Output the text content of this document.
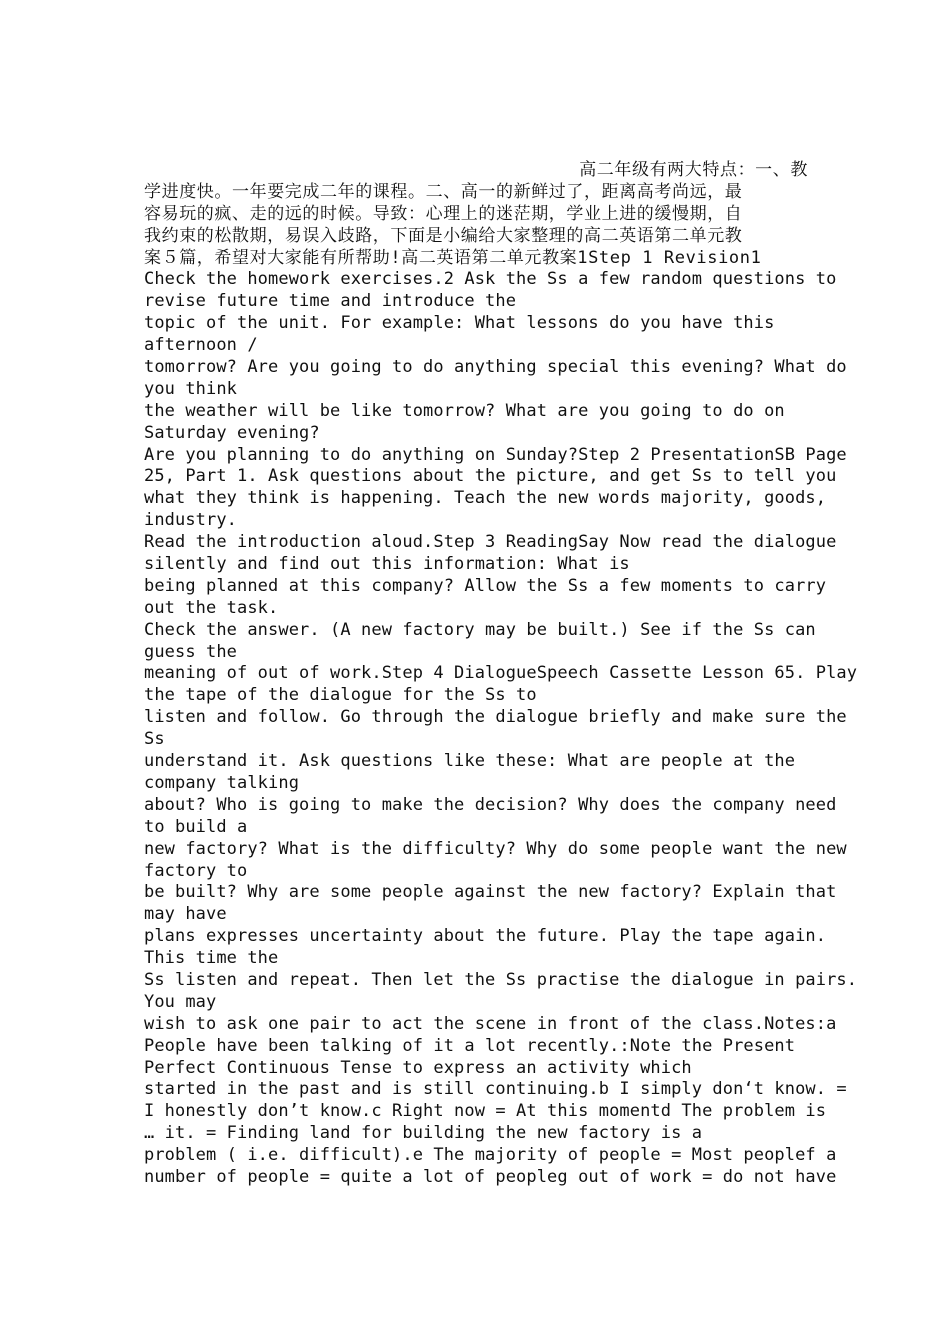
高二年级有两大特点：一、教
学进度快。一年要完成二年的课程。二、高一的新鲜过了，距离高考尚远，最
容易玩的疯、走的远的时候。导致：心理上的迷茫期，学业上进的缓慢期，自
我约束的松散期，易误入歧路，下面是小编给大家整理的高二英语第二单元教
案５篇，希望对大家能有所帮助!高二英语第二单元教案1Step 1 Revision1
Check the homework exercises.2 Ask the Ss a few random questions to
revise future time and introduce the
topic of the unit. For example: What lessons do you have this
afternoon /
tomorrow? Are you going to do anything special this evening? What do
you think
the weather will be like tomorrow? What are you going to do on
Saturday evening?
Are you planning to do anything on Sunday?Step 2 PresentationSB Page
25, Part 1. Ask questions about the picture, and get Ss to tell you
what they think is happening. Teach the new words majority, goods,
industry.
Read the introduction aloud.Step 3 ReadingSay Now read the dialogue
silently and find out this information: What is
being planned at this company? Allow the Ss a few moments to carry
out the task.
Check the answer. (A new factory may be built.) See if the Ss can
guess the
meaning of out of work.Step 4 DialogueSpeech Cassette Lesson 65. Play
the tape of the dialogue for the Ss to
listen and follow. Go through the dialogue briefly and make sure the
Ss
understand it. Ask questions like these: What are people at the
company talking
about? Who is going to make the decision? Why does the company need
to build a
new factory? What is the difficulty? Why do some people want the new
factory to
be built? Why are some people against the new factory? Explain that
may have
plans expresses uncertainty about the future. Play the tape again.
This time the
Ss listen and repeat. Then let the Ss practise the dialogue in pairs.
You may
wish to ask one pair to act the scene in front of the class.Notes:a
People have been talking of it a lot recently.:Note the Present
Perfect Continuous Tense to express an activity which
started in the past and is still continuing.b I simply don‘t know. =
I honestly don’t know.c Right now = At this momentd The problem is
… it. = Finding land for building the new factory is a
problem ( i.e. difficult).e The majority of people = Most peoplef a
number of people = quite a lot of peopleg out of work = do not have
